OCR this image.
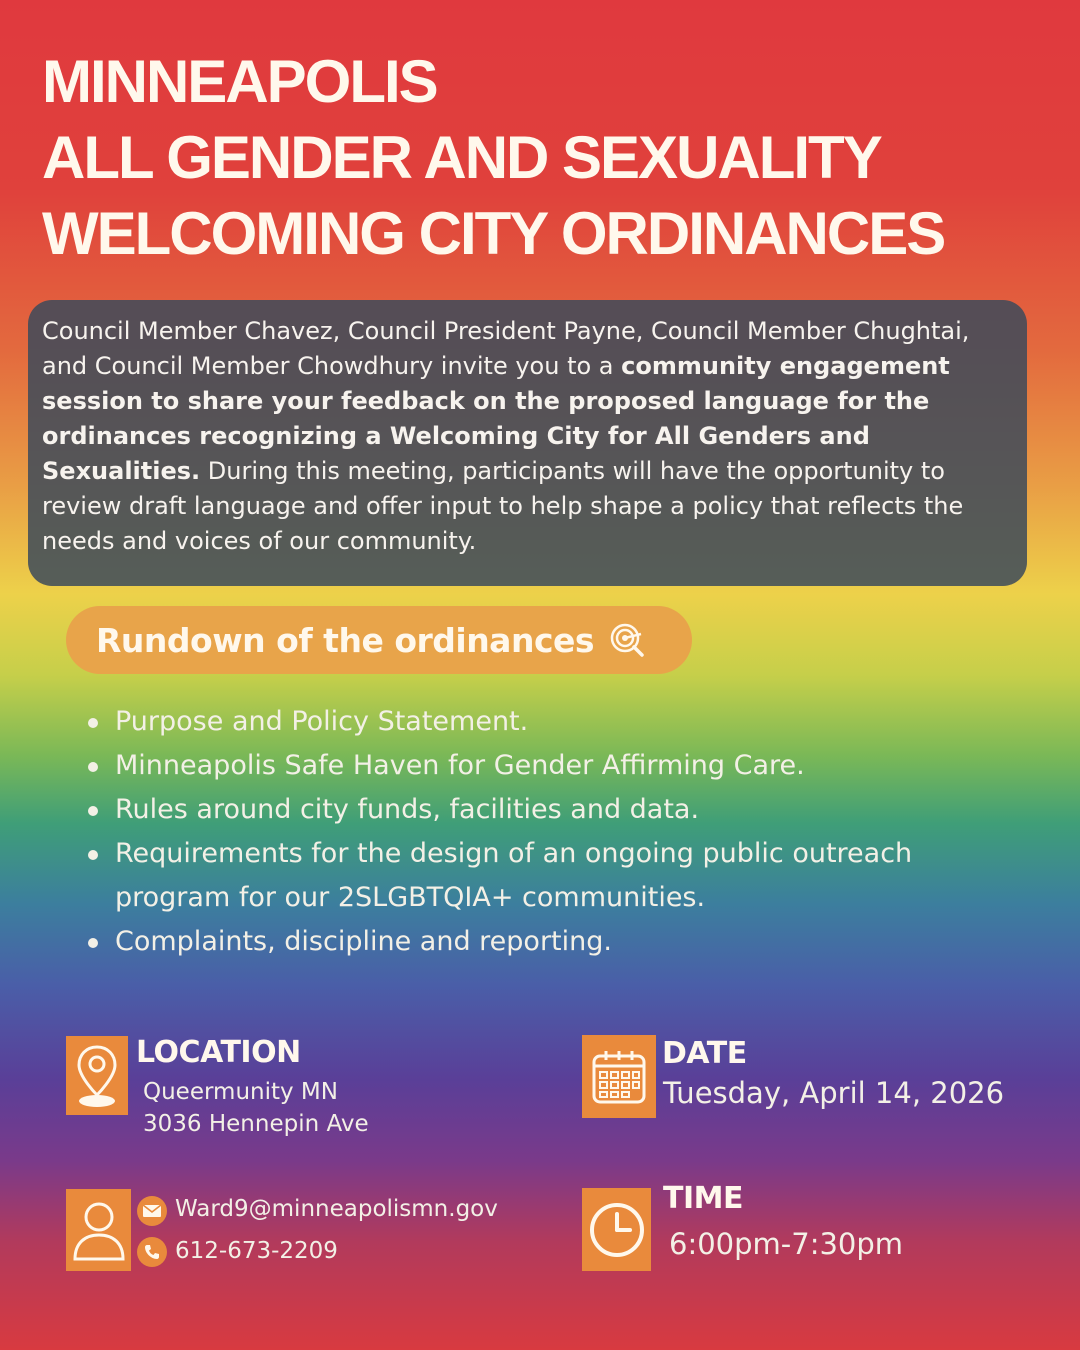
MINNEAPOLIS
ALL GENDER AND SEXUALITY
WELCOMING CITY ORDINANCES
Council Member Chavez, Council President Payne, Council Member Chughtai, and Council Member Chowdhury invite you to a community engagement session to share your feedback on the proposed language for the ordinances recognizing a Welcoming City for All Genders and Sexualities. During this meeting, participants will have the opportunity to review draft language and offer input to help shape a policy that reflects the needs and voices of our community.
Rundown of the ordinances
Purpose and Policy Statement.
Minneapolis Safe Haven for Gender Affirming Care.
Rules around city funds, facilities and data.
Requirements for the design of an ongoing public outreach program for our 2SLGBTQIA+ communities.
Complaints, discipline and reporting.
LOCATION
Queermunity MN
3036 Hennepin Ave
DATE
Tuesday, April 14, 2026
Ward9@minneapolismn.gov
612-673-2209
TIME
6:00pm-7:30pm
